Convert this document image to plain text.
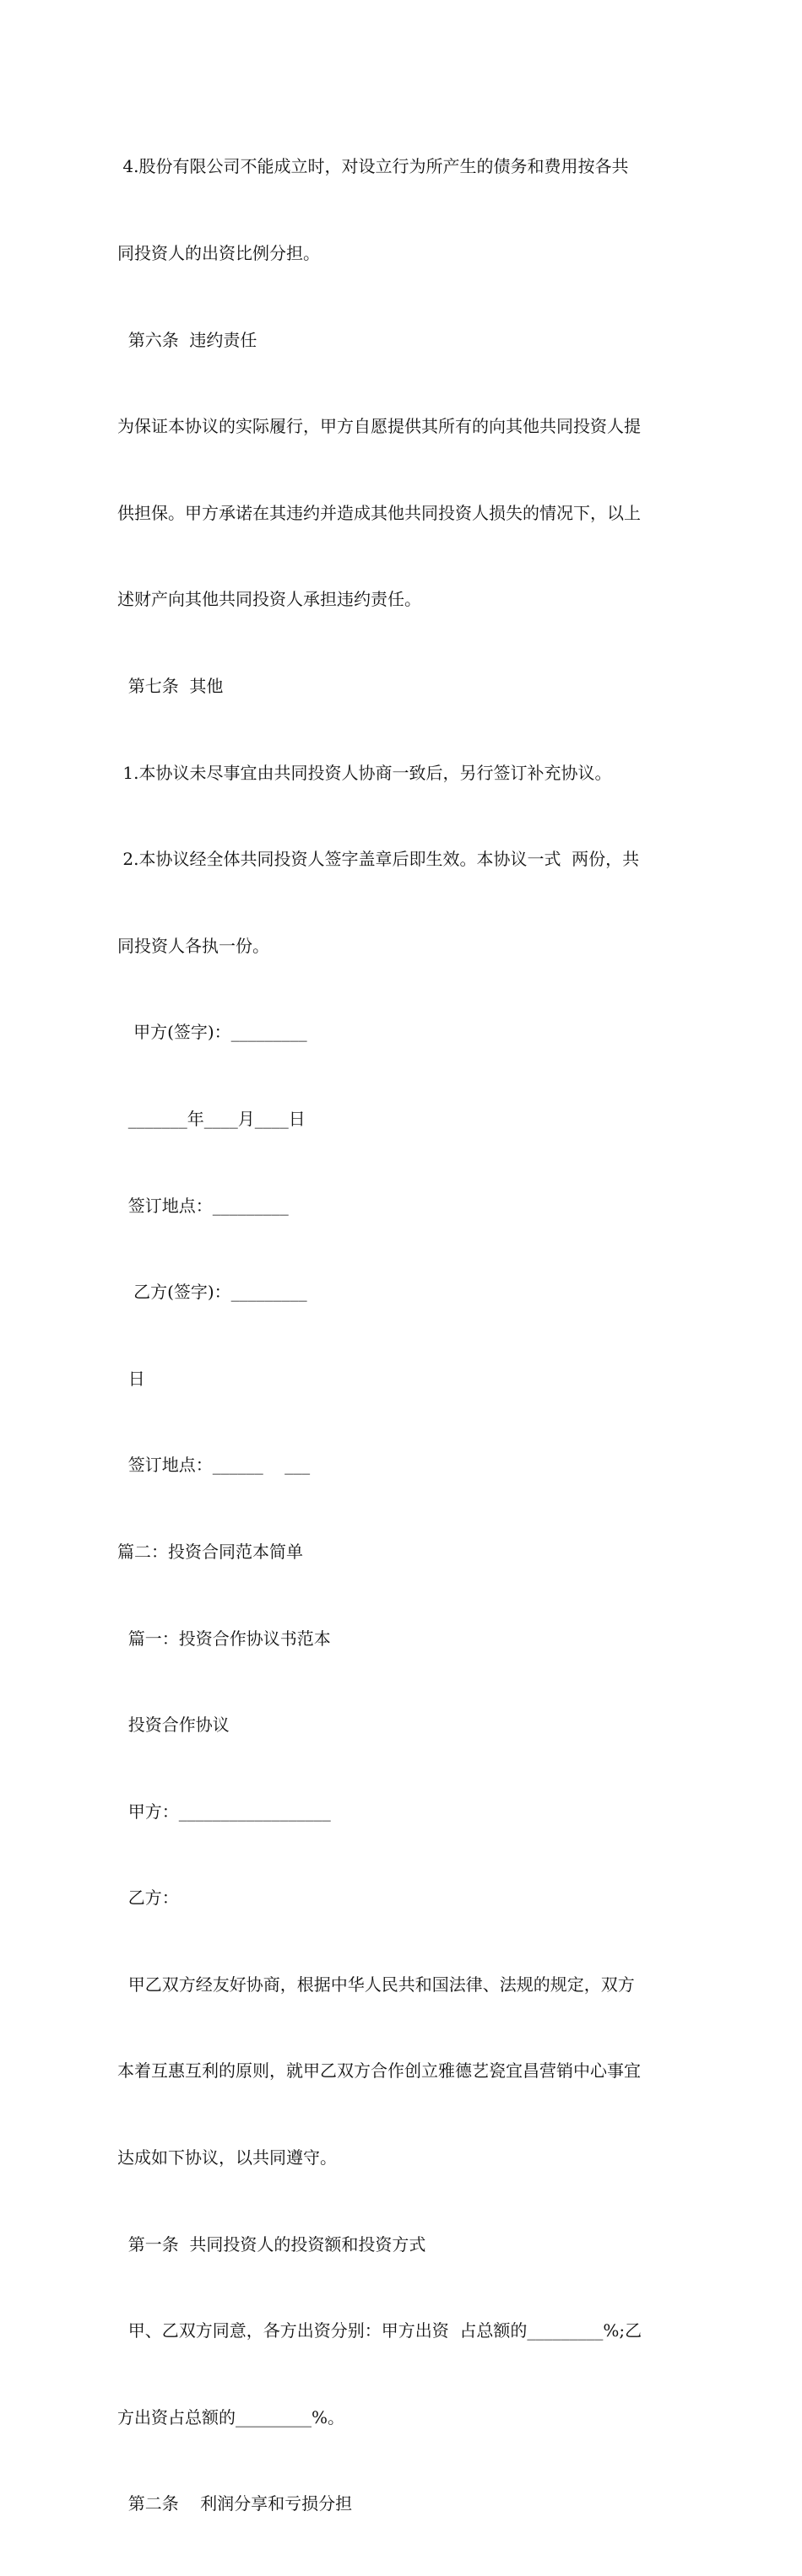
4.股份有限公司不能成立时，对设立行为所产生的债务和费用按各共

同投资人的出资比例分担。

第六条  违约责任

为保证本协议的实际履行，甲方自愿提供其所有的向其他共同投资人提

供担保。甲方承诺在其违约并造成其他共同投资人损失的情况下，以上

述财产向其他共同投资人承担违约责任。

第七条  其他

1.本协议未尽事宜由共同投资人协商一致后，另行签订补充协议。

2.本协议经全体共同投资人签字盖章后即生效。本协议一式  两份，共

同投资人各执一份。

甲方(签字)：_________

_______年____月____日

签订地点：_________

乙方(签字)：_________

日

签订地点：______    ___

篇二：投资合同范本简单

篇一：投资合作协议书范本

投资合作协议

甲方：__________________

乙方：

甲乙双方经友好协商，根据中华人民共和国法律、法规的规定，双方

本着互惠互利的原则，就甲乙双方合作创立雅德艺瓷宜昌营销中心事宜

达成如下协议，以共同遵守。

第一条  共同投资人的投资额和投资方式

甲、乙双方同意，各方出资分别：甲方出资  占总额的_________%;乙

方出资占总额的_________%。

第二条    利润分享和亏损分担
